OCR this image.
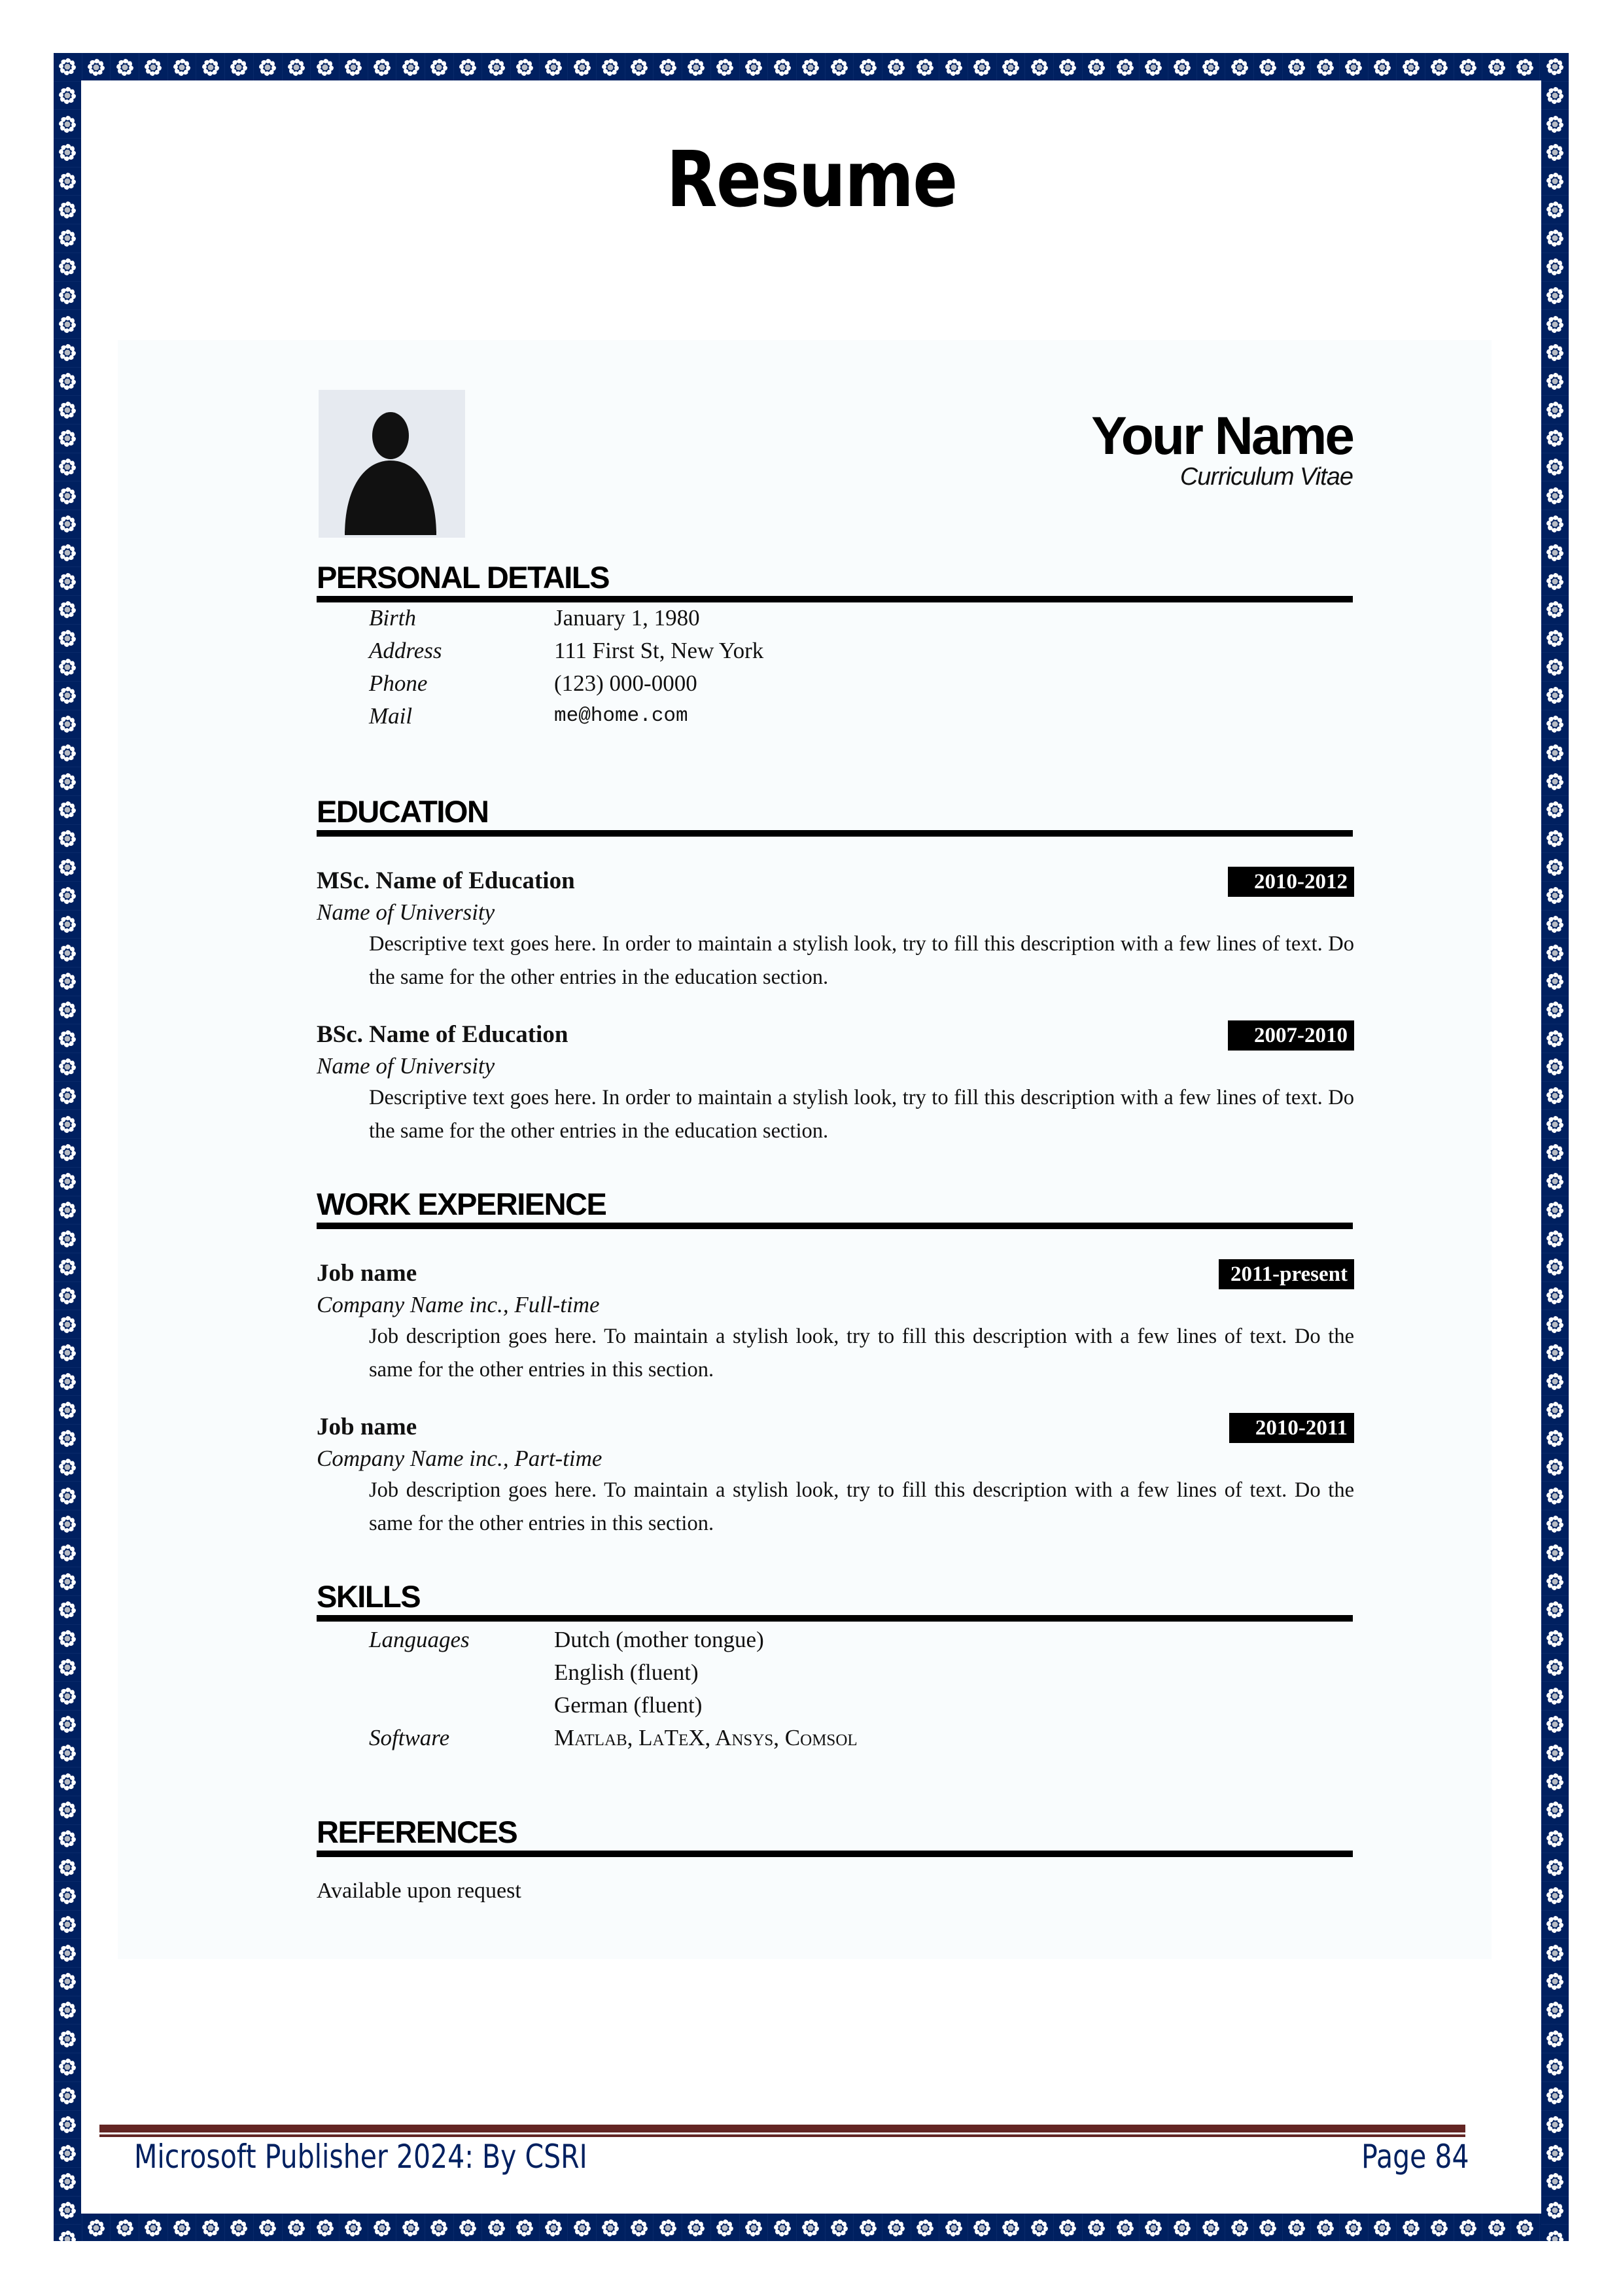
Resume
Your Name
Curriculum Vitae
PERSONAL DETAILS
Birth	January 1, 1980
Address	111 First St, New York
Phone	(123) 000-0000
Mail	me@home.com
EDUCATION
MSc. Name of Education	2010-2012
Name of University
Descriptive text goes here. In order to maintain a stylish look, try to fill this description with a few lines of text. Do the same for the other entries in the education section.
BSc. Name of Education	2007-2010
Name of University
Descriptive text goes here. In order to maintain a stylish look, try to fill this description with a few lines of text. Do the same for the other entries in the education section.
WORK EXPERIENCE
Job name	2011-present
Company Name inc., Full-time
Job description goes here. To maintain a stylish look, try to fill this description with a few lines of text. Do the same for the other entries in this section.
Job name	2010-2011
Company Name inc., Part-time
Job description goes here. To maintain a stylish look, try to fill this description with a few lines of text. Do the same for the other entries in this section.
SKILLS
Languages	Dutch (mother tongue)
English (fluent)
German (fluent)
Software	Matlab, LaTeX, Ansys, Comsol
REFERENCES
Available upon request
Microsoft Publisher 2024: By CSRI	Page 84
